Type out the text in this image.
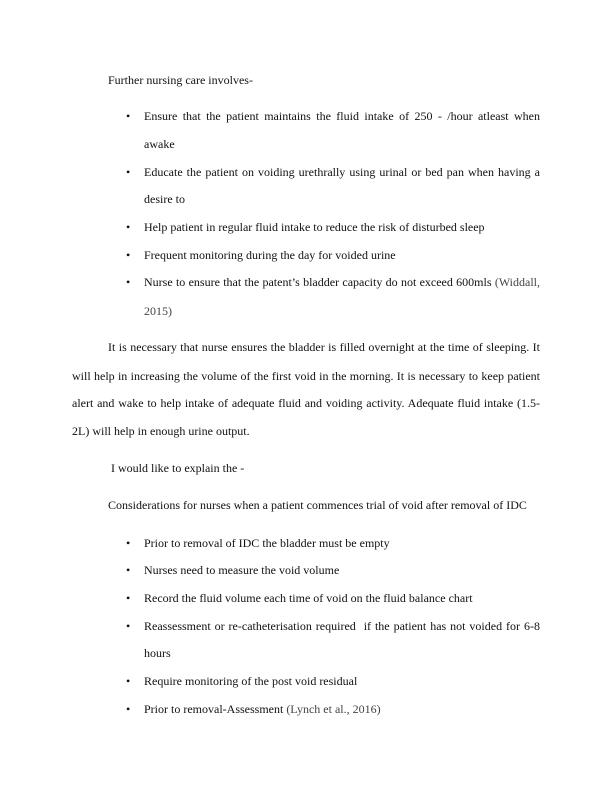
Further nursing care involves-
• Ensure that the patient maintains the fluid intake of 250 - /hour atleast when
awake
• Educate the patient on voiding urethrally using urinal or bed pan when having a
desire to
• Help patient in regular fluid intake to reduce the risk of disturbed sleep
• Frequent monitoring during the day for voided urine
• Nurse to ensure that the patent’s bladder capacity do not exceed 600mls (Widdall,
2015)
It is necessary that nurse ensures the bladder is filled overnight at the time of sleeping. It
will help in increasing the volume of the first void in the morning. It is necessary to keep patient
alert and wake to help intake of adequate fluid and voiding activity. Adequate fluid intake (1.5-
2L) will help in enough urine output.
I would like to explain the -
Considerations for nurses when a patient commences trial of void after removal of IDC
• Prior to removal of IDC the bladder must be empty
• Nurses need to measure the void volume
• Record the fluid volume each time of void on the fluid balance chart
• Reassessment or re-catheterisation required  if the patient has not voided for 6-8
hours
• Require monitoring of the post void residual
• Prior to removal-Assessment (Lynch et al., 2016)
